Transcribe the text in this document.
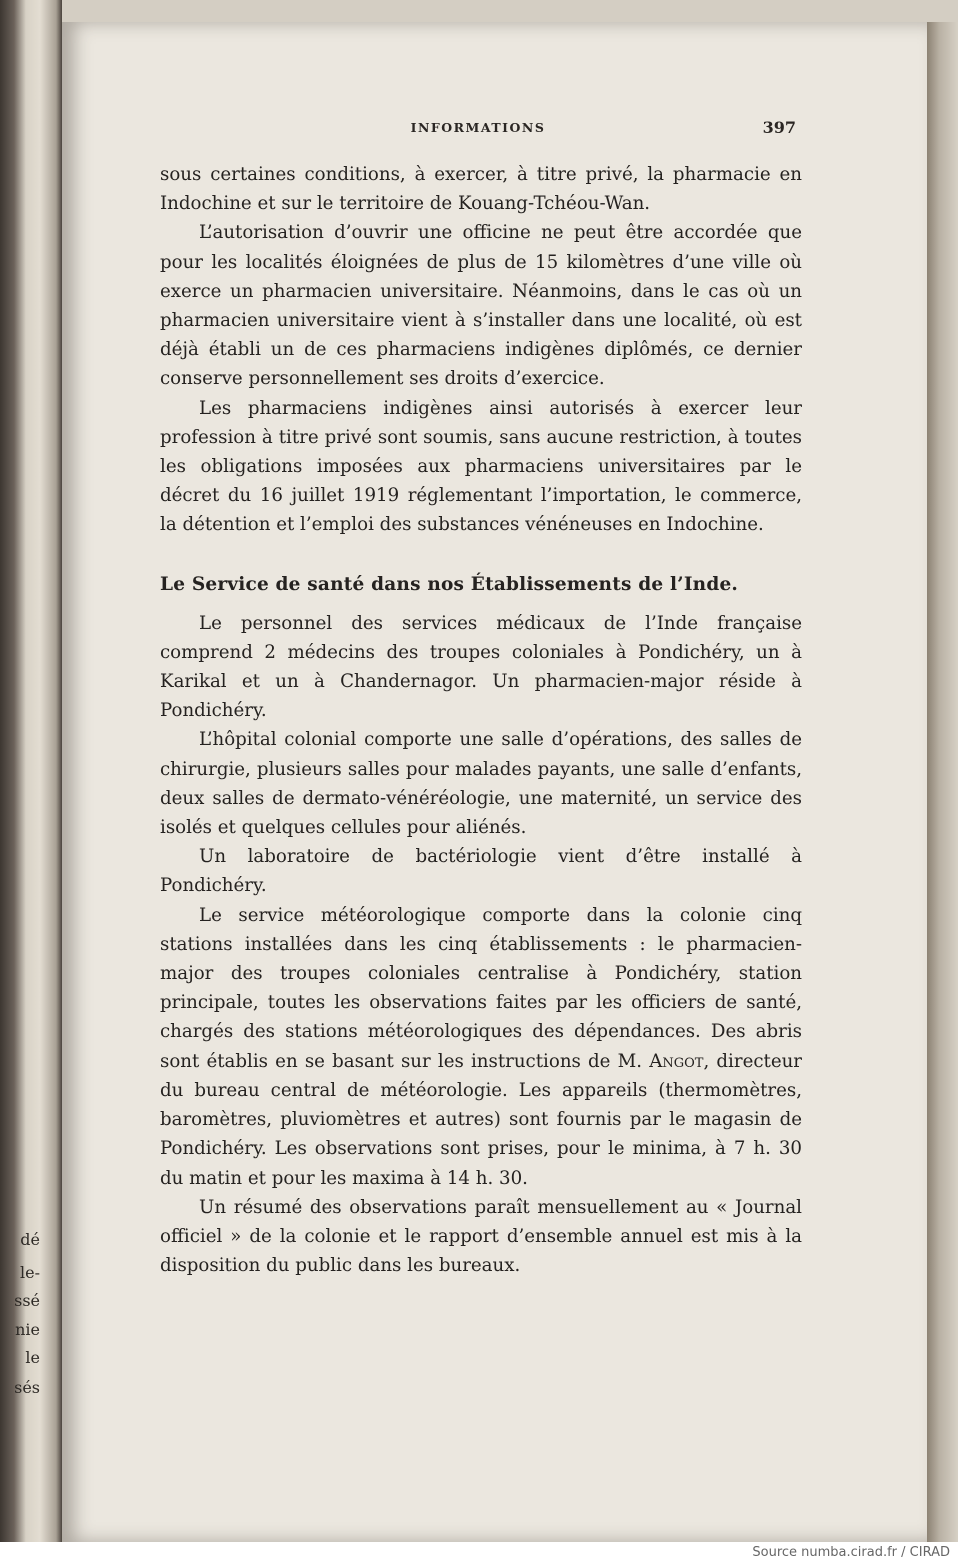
dé
le-
ssé
nie
le
sés
INFORMATIONS	397

sous certaines conditions, à exercer, à titre privé, la pharmacie en Indochine et sur le territoire de Kouang-Tchéou-Wan.

L’autorisation d’ouvrir une officine ne peut être accordée que pour les localités éloignées de plus de 15 kilomètres d’une ville où exerce un pharmacien universitaire. Néanmoins, dans le cas où un pharmacien universitaire vient à s’installer dans une localité, où est déjà établi un de ces pharmaciens indigènes diplômés, ce dernier conserve personnellement ses droits d’exercice.

Les pharmaciens indigènes ainsi autorisés à exercer leur profession à titre privé sont soumis, sans aucune restriction, à toutes les obligations imposées aux pharmaciens universitaires par le décret du 16 juillet 1919 réglementant l’importation, le commerce, la détention et l’emploi des substances vénéneuses en Indochine.

Le Service de santé dans nos Établissements de l’Inde.

Le personnel des services médicaux de l’Inde française comprend 2 médecins des troupes coloniales à Pondichéry, un à Karikal et un à Chandernagor. Un pharmacien-major réside à Pondichéry.

L’hôpital colonial comporte une salle d’opérations, des salles de chirurgie, plusieurs salles pour malades payants, une salle d’enfants, deux salles de dermato-vénéréologie, une maternité, un service des isolés et quelques cellules pour aliénés.

Un laboratoire de bactériologie vient d’être installé à Pondichéry.

Le service météorologique comporte dans la colonie cinq stations installées dans les cinq établissements : le pharmacien-major des troupes coloniales centralise à Pondichéry, station principale, toutes les observations faites par les officiers de santé, chargés des stations météorologiques des dépendances. Des abris sont établis en se basant sur les instructions de M. Angot, directeur du bureau central de météorologie. Les appareils (thermomètres, baromètres, pluviomètres et autres) sont fournis par le magasin de Pondichéry. Les observations sont prises, pour le minima, à 7 h. 30 du matin et pour les maxima à 14 h. 30.

Un résumé des observations paraît mensuellement au « Journal officiel » de la colonie et le rapport d’ensemble annuel est mis à la disposition du public dans les bureaux.

Source numba.cirad.fr / CIRAD
